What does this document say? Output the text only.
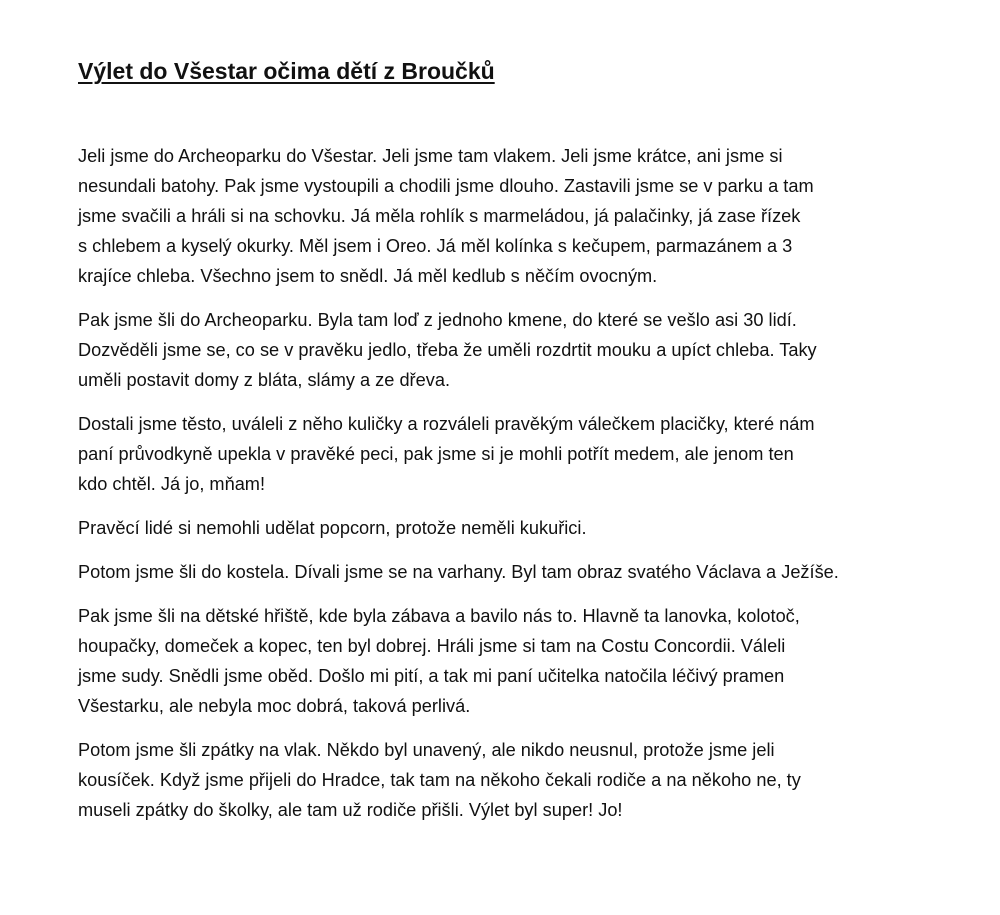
Výlet do Všestar očima dětí z Broučků

Jeli jsme do Archeoparku do Všestar. Jeli jsme tam vlakem. Jeli jsme krátce, ani jsme si
nesundali batohy. Pak jsme vystoupili a chodili jsme dlouho. Zastavili jsme se v parku a tam
jsme svačili a hráli si na schovku. Já měla rohlík s marmeládou, já palačinky, já zase řízek
s chlebem a kyselý okurky. Měl jsem i Oreo. Já měl kolínka s kečupem, parmazánem a 3
krajíce chleba. Všechno jsem to snědl. Já měl kedlub s něčím ovocným.

Pak jsme šli do Archeoparku. Byla tam loď z jednoho kmene, do které se vešlo asi 30 lidí.
Dozvěděli jsme se, co se v pravěku jedlo, třeba že uměli rozdrtit mouku a upíct chleba. Taky
uměli postavit domy z bláta, slámy a ze dřeva.

Dostali jsme těsto, uváleli z něho kuličky a rozváleli pravěkým válečkem placičky, které nám
paní průvodkyně upekla v pravěké peci, pak jsme si je mohli potřít medem, ale jenom ten
kdo chtěl. Já jo, mňam!

Pravěcí lidé si nemohli udělat popcorn, protože neměli kukuřici.

Potom jsme šli do kostela. Dívali jsme se na varhany. Byl tam obraz svatého Václava a Ježíše.

Pak jsme šli na dětské hřiště, kde byla zábava a bavilo nás to. Hlavně ta lanovka, kolotoč,
houpačky, domeček a kopec, ten byl dobrej. Hráli jsme si tam na Costu Concordii. Váleli
jsme sudy. Snědli jsme oběd. Došlo mi pití, a tak mi paní učitelka natočila léčivý pramen
Všestarku, ale nebyla moc dobrá, taková perlivá.

Potom jsme šli zpátky na vlak. Někdo byl unavený, ale nikdo neusnul, protože jsme jeli
kousíček. Když jsme přijeli do Hradce, tak tam na někoho čekali rodiče a na někoho ne, ty
museli zpátky do školky, ale tam už rodiče přišli. Výlet byl super! Jo!
